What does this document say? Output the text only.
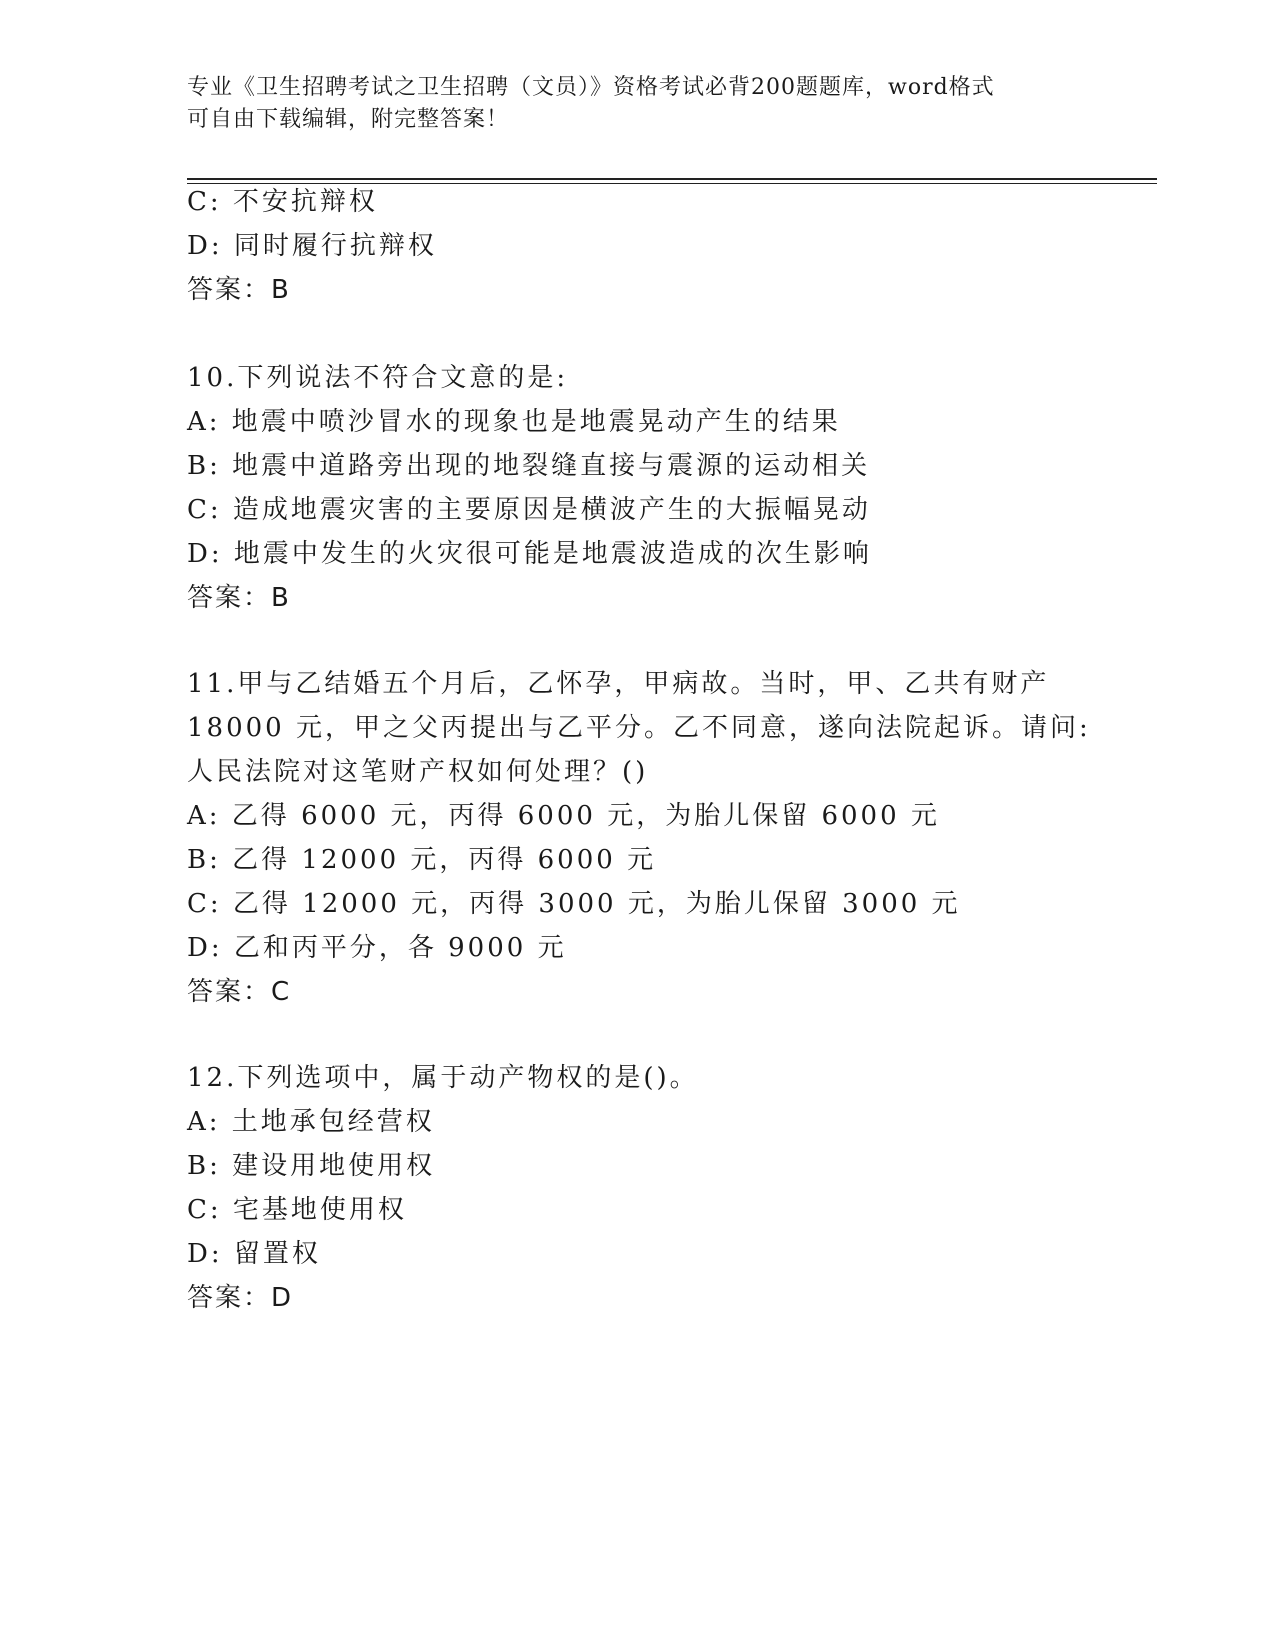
专业《卫生招聘考试之卫生招聘（文员）》资格考试必背200题题库，word格式
可自由下载编辑，附完整答案！
C: 不安抗辩权
D: 同时履行抗辩权
答案：B
10.下列说法不符合文意的是:
A: 地震中喷沙冒水的现象也是地震晃动产生的结果
B: 地震中道路旁出现的地裂缝直接与震源的运动相关
C: 造成地震灾害的主要原因是横波产生的大振幅晃动
D: 地震中发生的火灾很可能是地震波造成的次生影响
答案：B
11.甲与乙结婚五个月后，乙怀孕，甲病故。当时，甲、乙共有财产
18000 元，甲之父丙提出与乙平分。乙不同意，遂向法院起诉。请问:
人民法院对这笔财产权如何处理？()
A: 乙得 6000 元，丙得 6000 元，为胎儿保留 6000 元
B: 乙得 12000 元，丙得 6000 元
C: 乙得 12000 元，丙得 3000 元，为胎儿保留 3000 元
D: 乙和丙平分，各 9000 元
答案：C
12.下列选项中，属于动产物权的是()。
A: 土地承包经营权
B: 建设用地使用权
C: 宅基地使用权
D: 留置权
答案：D
